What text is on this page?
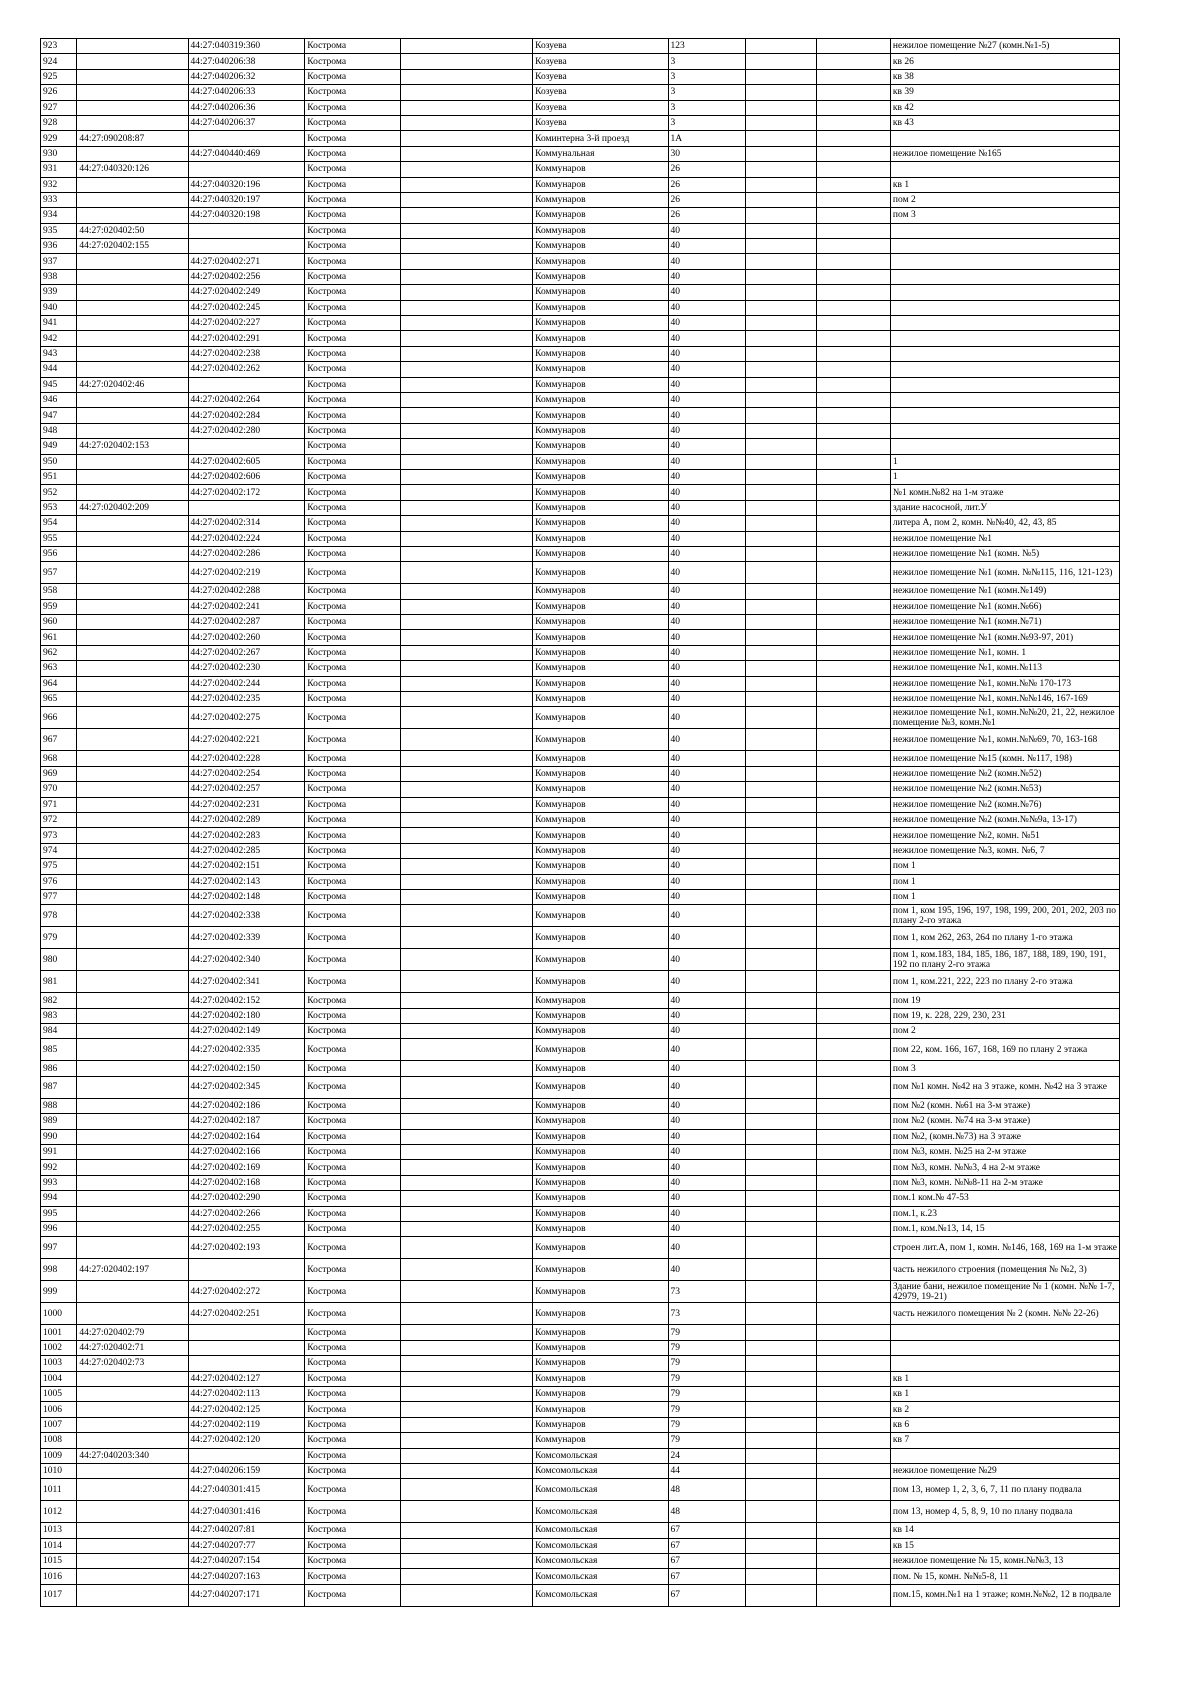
923		44:27:040319:360	Кострома		Козуева	123			нежилое помещение №27 (комн.№1-5)
924		44:27:040206:38	Кострома		Козуева	3			кв 26
925		44:27:040206:32	Кострома		Козуева	3			кв 38
926		44:27:040206:33	Кострома		Козуева	3			кв 39
927		44:27:040206:36	Кострома		Козуева	3			кв 42
928		44:27:040206:37	Кострома		Козуева	3			кв 43
929	44:27:090208:87		Кострома		Коминтерна 3-й проезд	1А			
930		44:27:040440:469	Кострома		Коммунальная	30			нежилое помещение №165
931	44:27:040320:126		Кострома		Коммунаров	26			
932		44:27:040320:196	Кострома		Коммунаров	26			кв 1
933		44:27:040320:197	Кострома		Коммунаров	26			пом 2
934		44:27:040320:198	Кострома		Коммунаров	26			пом 3
935	44:27:020402:50		Кострома		Коммунаров	40			
936	44:27:020402:155		Кострома		Коммунаров	40			
937		44:27:020402:271	Кострома		Коммунаров	40			
938		44:27:020402:256	Кострома		Коммунаров	40			
939		44:27:020402:249	Кострома		Коммунаров	40			
940		44:27:020402:245	Кострома		Коммунаров	40			
941		44:27:020402:227	Кострома		Коммунаров	40			
942		44:27:020402:291	Кострома		Коммунаров	40			
943		44:27:020402:238	Кострома		Коммунаров	40			
944		44:27:020402:262	Кострома		Коммунаров	40			
945	44:27:020402:46		Кострома		Коммунаров	40			
946		44:27:020402:264	Кострома		Коммунаров	40			
947		44:27:020402:284	Кострома		Коммунаров	40			
948		44:27:020402:280	Кострома		Коммунаров	40			
949	44:27:020402:153		Кострома		Коммунаров	40			
950		44:27:020402:605	Кострома		Коммунаров	40			1
951		44:27:020402:606	Кострома		Коммунаров	40			1
952		44:27:020402:172	Кострома		Коммунаров	40			№1 комн.№82 на 1-м этаже
953	44:27:020402:209		Кострома		Коммунаров	40			здание насосной, лит.У
954		44:27:020402:314	Кострома		Коммунаров	40			литера А, пом 2, комн. №№40, 42, 43, 85
955		44:27:020402:224	Кострома		Коммунаров	40			нежилое помещение №1
956		44:27:020402:286	Кострома		Коммунаров	40			нежилое помещение №1 (комн. №5)
957		44:27:020402:219	Кострома		Коммунаров	40			нежилое помещение №1 (комн. №№115, 116, 121-123)
958		44:27:020402:288	Кострома		Коммунаров	40			нежилое помещение №1 (комн.№149)
959		44:27:020402:241	Кострома		Коммунаров	40			нежилое помещение №1 (комн.№66)
960		44:27:020402:287	Кострома		Коммунаров	40			нежилое помещение №1 (комн.№71)
961		44:27:020402:260	Кострома		Коммунаров	40			нежилое помещение №1 (комн.№93-97, 201)
962		44:27:020402:267	Кострома		Коммунаров	40			нежилое помещение №1, комн. 1
963		44:27:020402:230	Кострома		Коммунаров	40			нежилое помещение №1, комн.№113
964		44:27:020402:244	Кострома		Коммунаров	40			нежилое помещение №1, комн.№№ 170-173
965		44:27:020402:235	Кострома		Коммунаров	40			нежилое помещение №1, комн.№№146, 167-169
966		44:27:020402:275	Кострома		Коммунаров	40			нежилое помещение №1, комн.№№20, 21, 22, нежилое помещение №3, комн.№1
967		44:27:020402:221	Кострома		Коммунаров	40			нежилое помещение №1, комн.№№69, 70, 163-168
968		44:27:020402:228	Кострома		Коммунаров	40			нежилое помещение №15 (комн. №117, 198)
969		44:27:020402:254	Кострома		Коммунаров	40			нежилое помещение №2 (комн.№52)
970		44:27:020402:257	Кострома		Коммунаров	40			нежилое помещение №2 (комн.№53)
971		44:27:020402:231	Кострома		Коммунаров	40			нежилое помещение №2 (комн.№76)
972		44:27:020402:289	Кострома		Коммунаров	40			нежилое помещение №2 (комн.№№9а, 13-17)
973		44:27:020402:283	Кострома		Коммунаров	40			нежилое помещение №2, комн. №51
974		44:27:020402:285	Кострома		Коммунаров	40			нежилое помещение №3, комн. №6, 7
975		44:27:020402:151	Кострома		Коммунаров	40			пом 1
976		44:27:020402:143	Кострома		Коммунаров	40			пом 1
977		44:27:020402:148	Кострома		Коммунаров	40			пом 1
978		44:27:020402:338	Кострома		Коммунаров	40			пом 1, ком 195, 196, 197, 198, 199, 200, 201, 202, 203 по плану 2-го этажа
979		44:27:020402:339	Кострома		Коммунаров	40			пом 1, ком 262, 263, 264 по плану 1-го этажа
980		44:27:020402:340	Кострома		Коммунаров	40			пом 1, ком.183, 184, 185, 186, 187, 188, 189, 190, 191, 192 по плану 2-го этажа
981		44:27:020402:341	Кострома		Коммунаров	40			пом 1, ком.221, 222, 223 по плану 2-го этажа
982		44:27:020402:152	Кострома		Коммунаров	40			пом 19
983		44:27:020402:180	Кострома		Коммунаров	40			пом 19, к. 228, 229, 230, 231
984		44:27:020402:149	Кострома		Коммунаров	40			пом 2
985		44:27:020402:335	Кострома		Коммунаров	40			пом 22, ком. 166, 167, 168, 169 по плану 2 этажа
986		44:27:020402:150	Кострома		Коммунаров	40			пом 3
987		44:27:020402:345	Кострома		Коммунаров	40			пом №1 комн. №42 на 3 этаже, комн. №42 на 3 этаже
988		44:27:020402:186	Кострома		Коммунаров	40			пом №2 (комн. №61 на 3-м этаже)
989		44:27:020402:187	Кострома		Коммунаров	40			пом №2 (комн. №74 на 3-м этаже)
990		44:27:020402:164	Кострома		Коммунаров	40			пом №2, (комн.№73) на 3 этаже
991		44:27:020402:166	Кострома		Коммунаров	40			пом №3, комн. №25 на 2-м этаже
992		44:27:020402:169	Кострома		Коммунаров	40			пом №3, комн. №№3, 4 на 2-м этаже
993		44:27:020402:168	Кострома		Коммунаров	40			пом №3, комн. №№8-11 на 2-м этаже
994		44:27:020402:290	Кострома		Коммунаров	40			пом.1 ком.№ 47-53
995		44:27:020402:266	Кострома		Коммунаров	40			пом.1, к.23
996		44:27:020402:255	Кострома		Коммунаров	40			пом.1, ком.№13, 14, 15
997		44:27:020402:193	Кострома		Коммунаров	40			строен лит.А, пом 1, комн. №146, 168, 169 на 1-м этаже
998	44:27:020402:197		Кострома		Коммунаров	40			часть нежилого строения (помещения № №2, 3)
999		44:27:020402:272	Кострома		Коммунаров	73			Здание бани, нежилое помещение № 1 (комн. №№ 1-7, 42979, 19-21)
1000		44:27:020402:251	Кострома		Коммунаров	73			часть нежилого помещения № 2 (комн. №№ 22-26)
1001	44:27:020402:79		Кострома		Коммунаров	79			
1002	44:27:020402:71		Кострома		Коммунаров	79			
1003	44:27:020402:73		Кострома		Коммунаров	79			
1004		44:27:020402:127	Кострома		Коммунаров	79			кв 1
1005		44:27:020402:113	Кострома		Коммунаров	79			кв 1
1006		44:27:020402:125	Кострома		Коммунаров	79			кв 2
1007		44:27:020402:119	Кострома		Коммунаров	79			кв 6
1008		44:27:020402:120	Кострома		Коммунаров	79			кв 7
1009	44:27:040203:340		Кострома		Комсомольская	24			
1010		44:27:040206:159	Кострома		Комсомольская	44			нежилое помещение №29
1011		44:27:040301:415	Кострома		Комсомольская	48			пом 13, номер 1, 2, 3, 6, 7, 11 по плану подвала
1012		44:27:040301:416	Кострома		Комсомольская	48			пом 13, номер 4, 5, 8, 9, 10 по плану подвала
1013		44:27:040207:81	Кострома		Комсомольская	67			кв 14
1014		44:27:040207:77	Кострома		Комсомольская	67			кв 15
1015		44:27:040207:154	Кострома		Комсомольская	67			нежилое помещение № 15, комн.№№3, 13
1016		44:27:040207:163	Кострома		Комсомольская	67			пом. № 15, комн. №№5-8, 11
1017		44:27:040207:171	Кострома		Комсомольская	67			пом.15, комн.№1 на 1 этаже; комн.№№2, 12 в подвале
